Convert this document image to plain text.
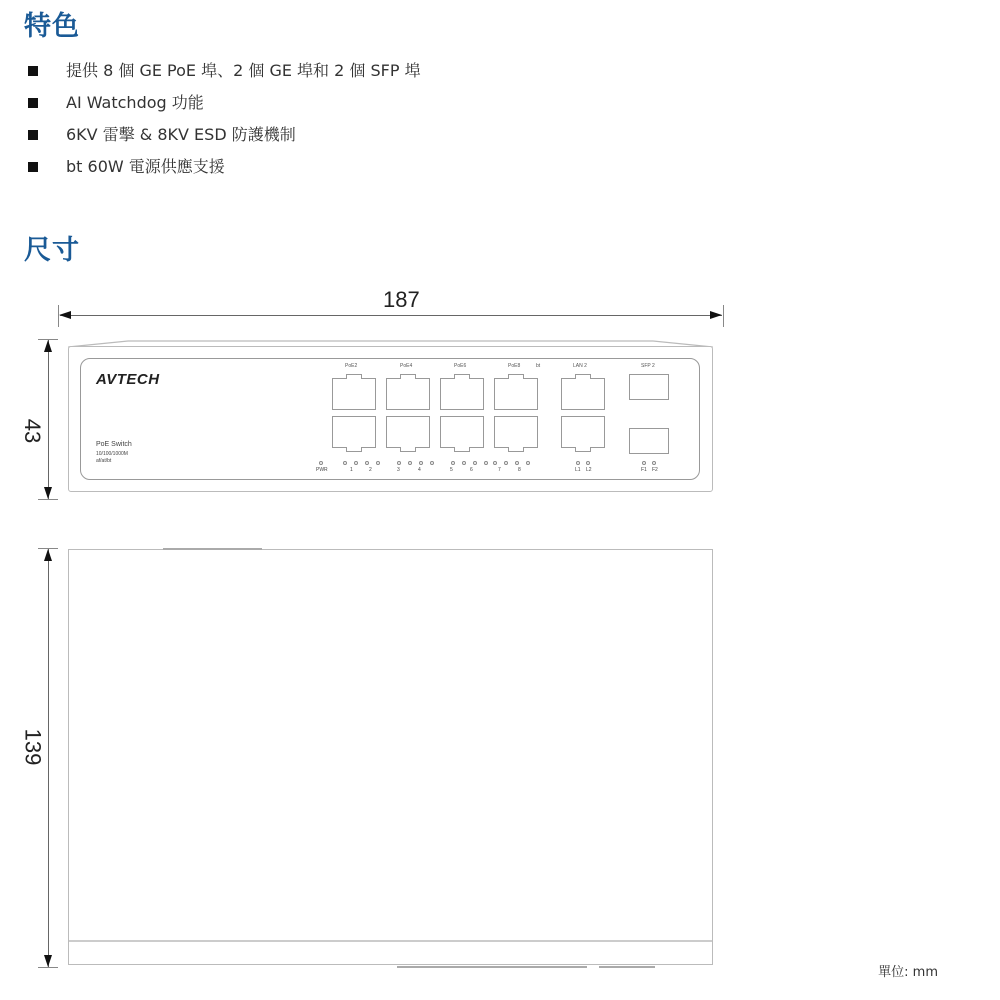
特色
提供 8 個 GE PoE 埠、2 個 GE 埠和 2 個 SFP 埠
AI Watchdog 功能
6KV 雷擊 & 8KV ESD 防護機制
bt 60W 電源供應支援
尺寸
187
43
AVTECH
PoE Switch
10/100/1000M
af/at/bt
PoE2	PoE4	PoE6	PoE8	bt	LAN 2	SFP 2
PWR	1	2	3	4	5	6	7	8	L1 L2	F1 F2
139
單位: mm
